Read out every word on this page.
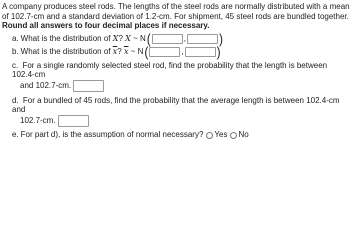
A company produces steel rods. The lengths of the steel rods are normally distributed with a mean of 102.7-cm and a standard deviation of 1.2-cm. For shipment, 45 steel rods are bundled together. Round all answers to four decimal places if necessary.

a. What is the distribution of
X ?
X
~ N (	,	)
b. What is the distribution of
$\overline{x}$ ?
$\overline{x}$
~ N (	,	)
c. For a single randomly selected steel rod, find the probability that the length is between 102.4-cm
and 102.7-cm.

d. For a bundled of 45 rods, find the probability that the average length is between 102.4-cm and
102.7-cm.

e. For part d), is the assumption of normal necessary? Yes No
